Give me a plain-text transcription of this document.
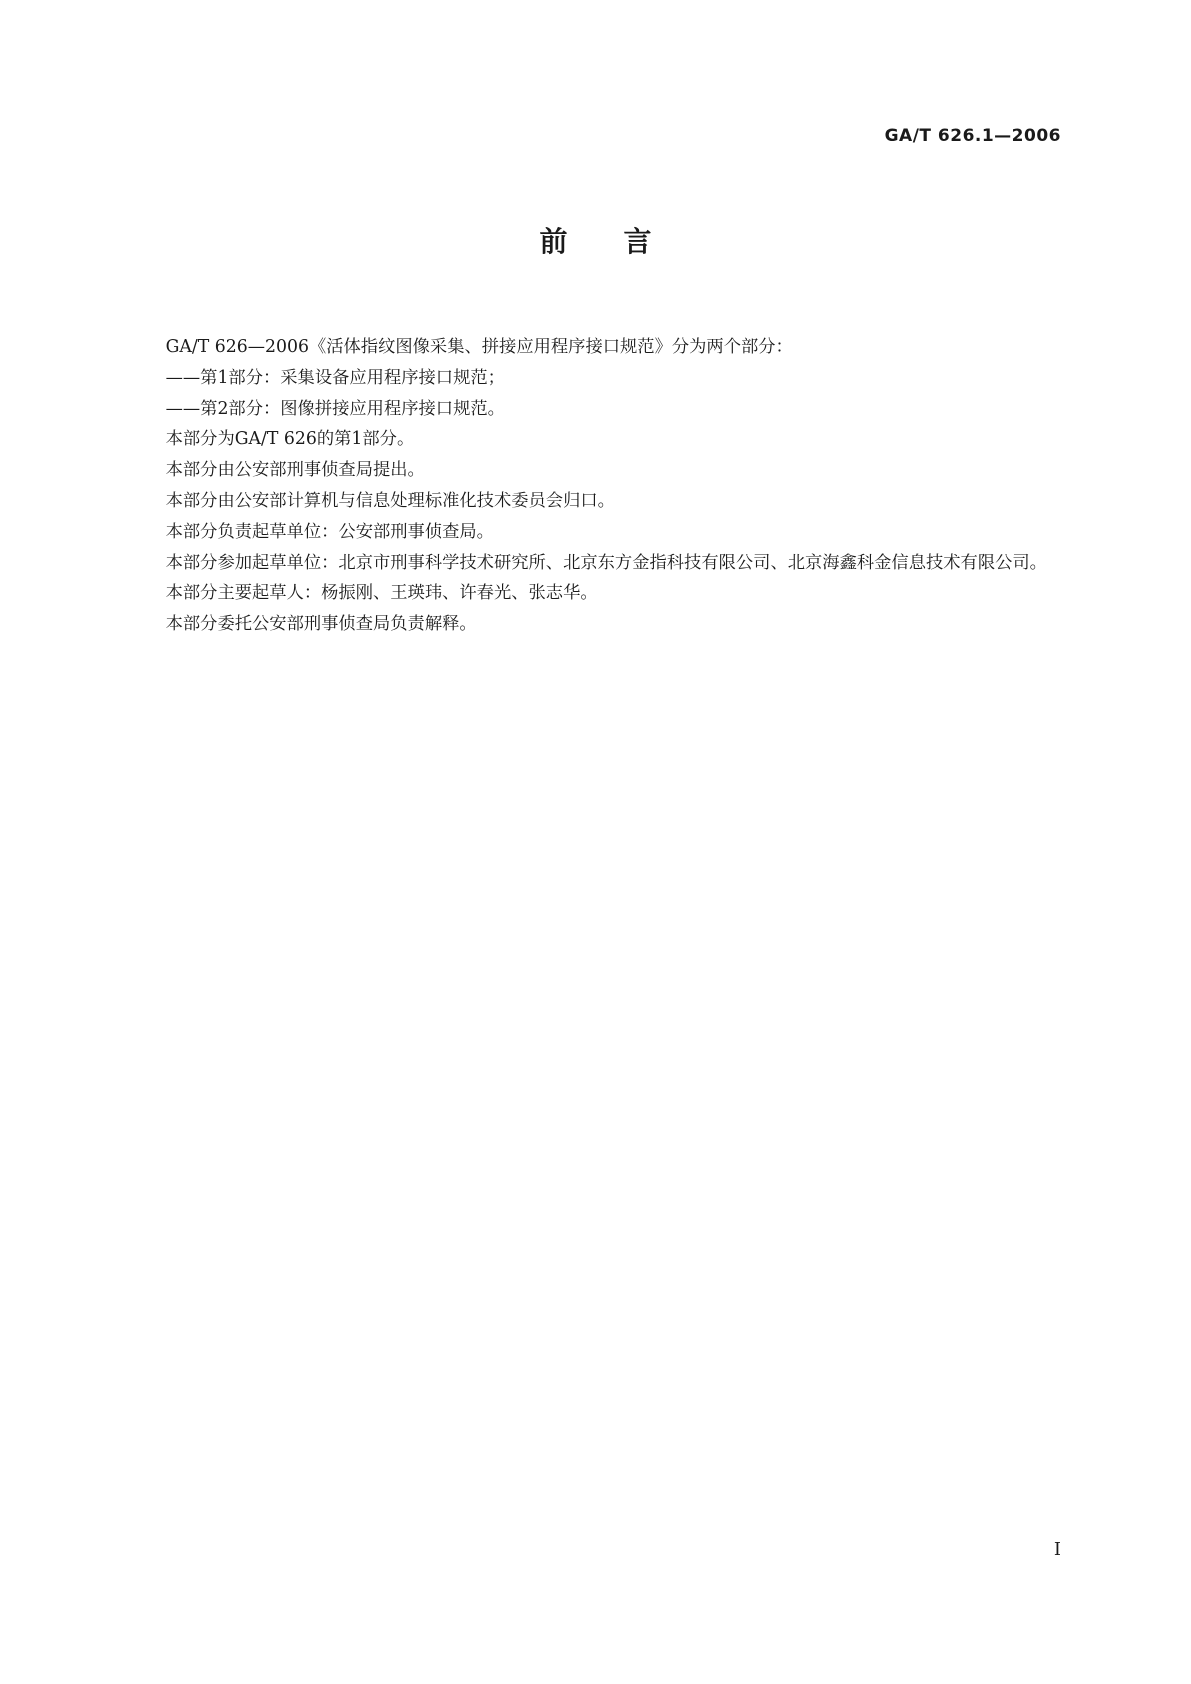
GA/T 626.1—2006
前言

GA/T 626—2006《活体指纹图像采集、拼接应用程序接口规范》分为两个部分：

——第1部分：采集设备应用程序接口规范；

——第2部分：图像拼接应用程序接口规范。

本部分为GA/T 626的第1部分。

本部分由公安部刑事侦查局提出。

本部分由公安部计算机与信息处理标准化技术委员会归口。

本部分负责起草单位：公安部刑事侦查局。

本部分参加起草单位：北京市刑事科学技术研究所、北京东方金指科技有限公司、北京海鑫科金信息技术有限公司。

本部分主要起草人：杨振刚、王瑛玮、许春光、张志华。

本部分委托公安部刑事侦查局负责解释。

I
